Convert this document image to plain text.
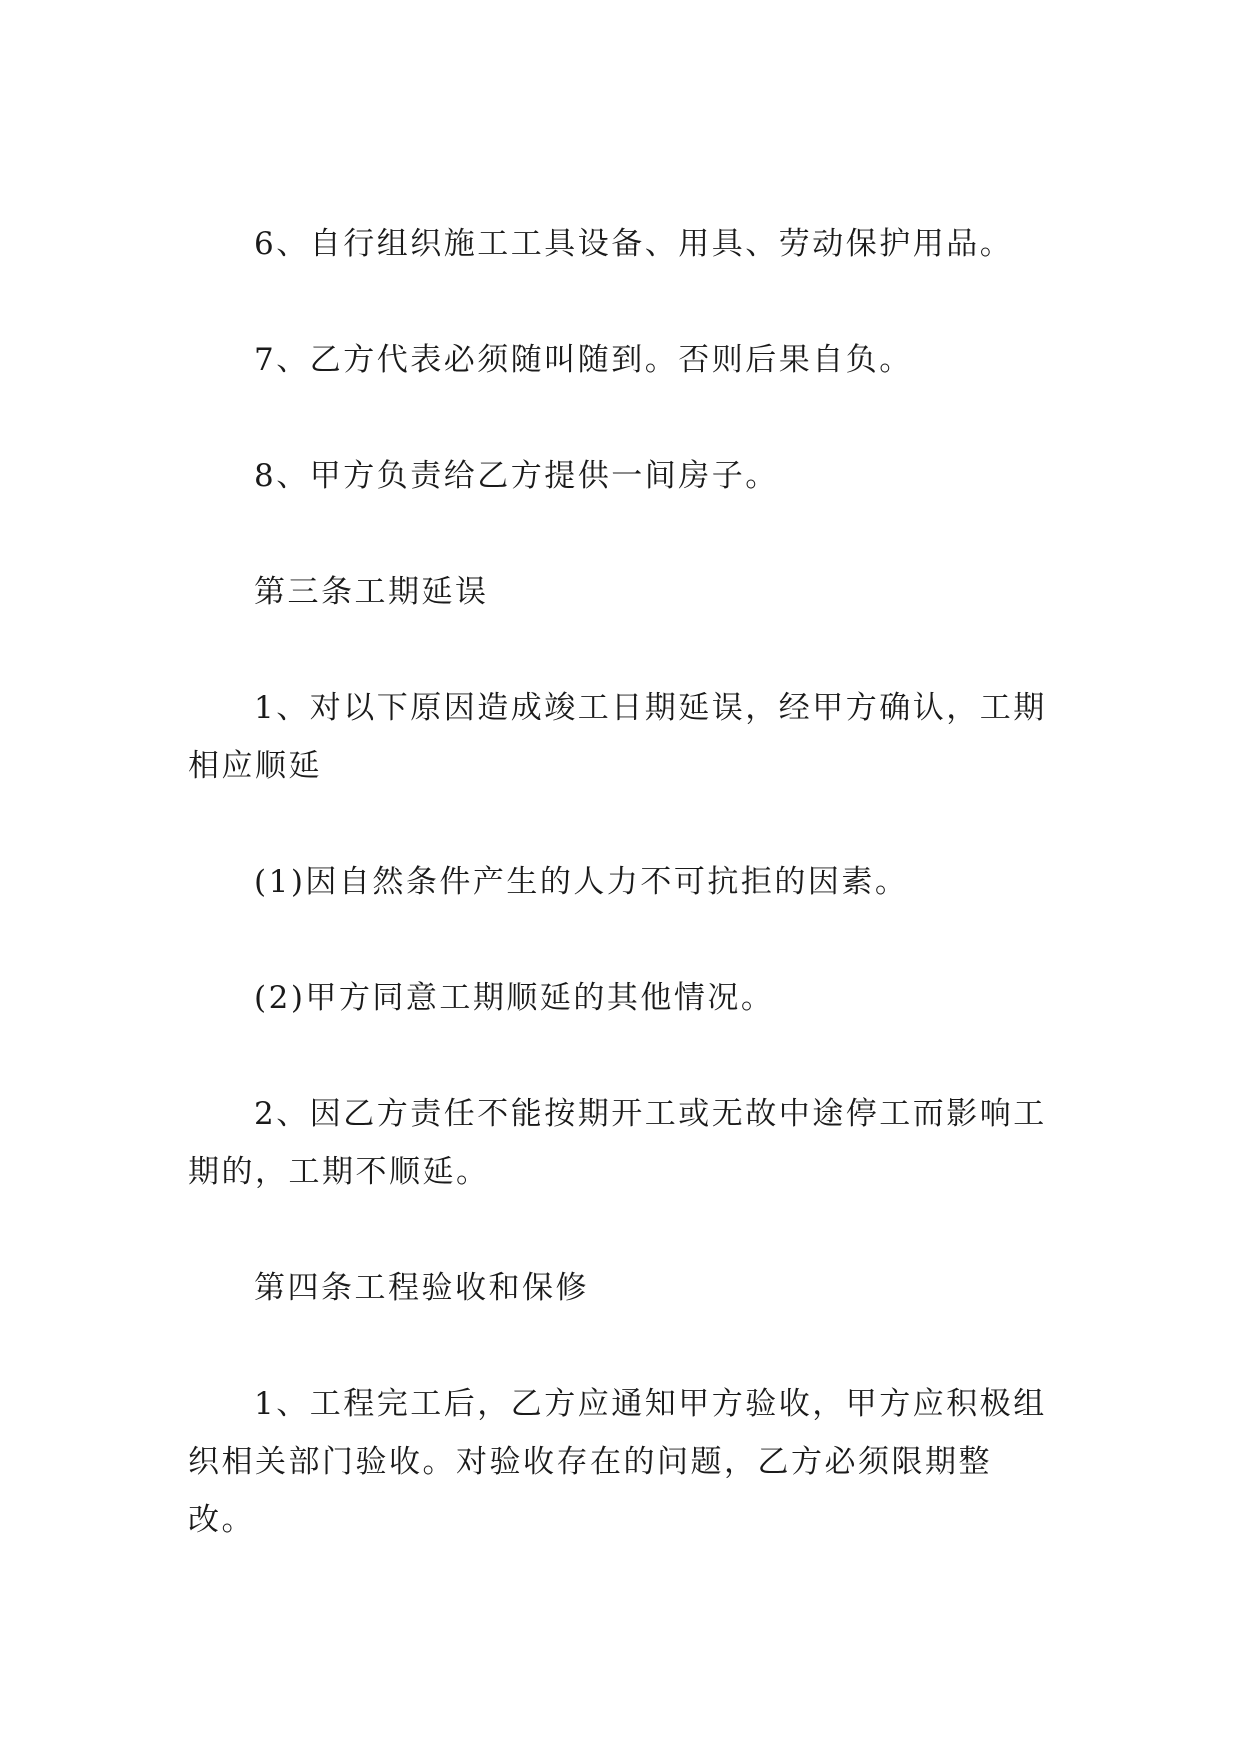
6、自行组织施工工具设备、用具、劳动保护用品。

7、乙方代表必须随叫随到。否则后果自负。

8、甲方负责给乙方提供一间房子。

第三条工期延误

1、对以下原因造成竣工日期延误，经甲方确认，工期相应顺延

(1)因自然条件产生的人力不可抗拒的因素。

(2)甲方同意工期顺延的其他情况。

2、因乙方责任不能按期开工或无故中途停工而影响工期的，工期不顺延。

第四条工程验收和保修

1、工程完工后，乙方应通知甲方验收，甲方应积极组织相关部门验收。对验收存在的问题，乙方必须限期整改。
